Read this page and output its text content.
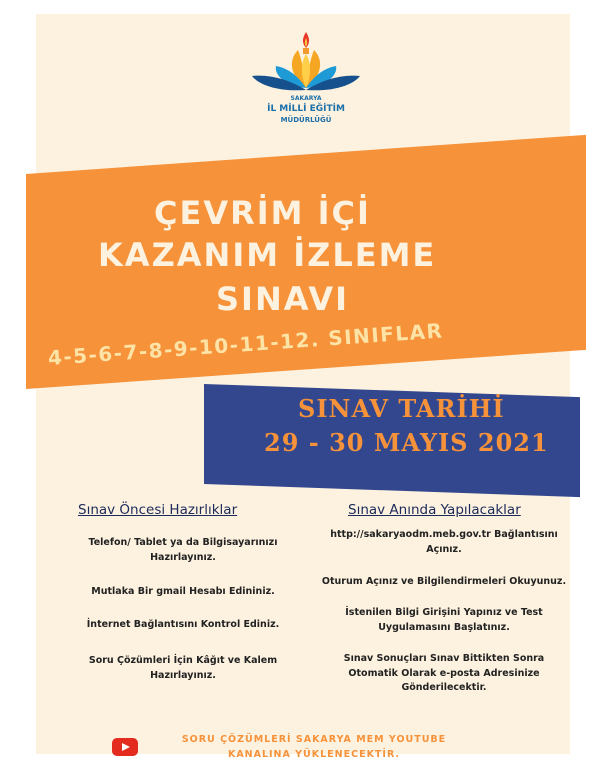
SAKARYA
İL MİLLİ EĞİTİM
MÜDÜRLÜĞÜ
ÇEVRİM İÇİ
KAZANIM İZLEME
SINAVI
4-5-6-7-8-9-10-11-12. SINIFLAR
SINAV TARİHİ
29 - 30 MAYIS 2021
Sınav Öncesi Hazırlıklar
Telefon/ Tablet ya da Bilgisayarınızı Hazırlayınız.
Mutlaka Bir gmail Hesabı Edininiz.
İnternet Bağlantısını Kontrol Ediniz.
Soru Çözümleri İçin Kâğıt ve Kalem Hazırlayınız.
Sınav Anında Yapılacaklar
http://sakaryaodm.meb.gov.tr Bağlantısını Açınız.
Oturum Açınız ve Bilgilendirmeleri Okuyunuz.
İstenilen Bilgi Girişini Yapınız ve Test Uygulamasını Başlatınız.
Sınav Sonuçları Sınav Bittikten Sonra Otomatik Olarak e-posta Adresinize Gönderilecektir.
SORU ÇÖZÜMLERİ SAKARYA MEM YOUTUBE KANALINA YÜKLENECEKTİR.
